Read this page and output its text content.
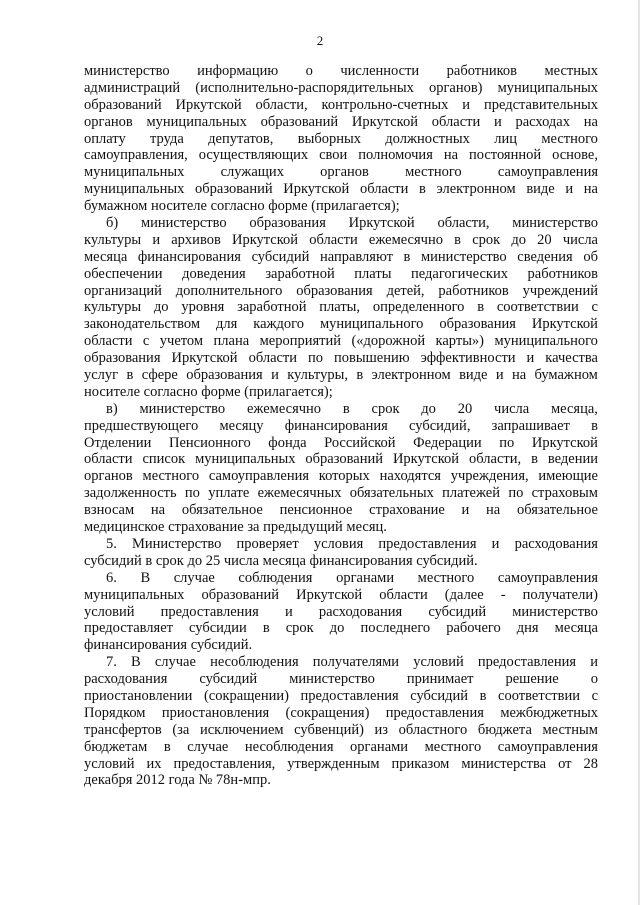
2
министерство информацию о численности работников местных
администраций (исполнительно-распорядительных органов) муниципальных
образований Иркутской области, контрольно-счетных и представительных
органов муниципальных образований Иркутской области и расходах на
оплату труда депутатов, выборных должностных лиц местного
самоуправления, осуществляющих свои полномочия на постоянной основе,
муниципальных служащих органов местного самоуправления
муниципальных образований Иркутской области в электронном виде и на
бумажном носителе согласно форме (прилагается);
б) министерство образования Иркутской области, министерство
культуры и архивов Иркутской области ежемесячно в срок до 20 числа
месяца финансирования субсидий направляют в министерство сведения об
обеспечении доведения заработной платы педагогических работников
организаций дополнительного образования детей, работников учреждений
культуры до уровня заработной платы, определенного в соответствии с
законодательством для каждого муниципального образования Иркутской
области с учетом плана мероприятий («дорожной карты») муниципального
образования Иркутской области по повышению эффективности и качества
услуг в сфере образования и культуры, в электронном виде и на бумажном
носителе согласно форме (прилагается);
в) министерство ежемесячно в срок до 20 числа месяца,
предшествующего месяцу финансирования субсидий, запрашивает в
Отделении Пенсионного фонда Российской Федерации по Иркутской
области список муниципальных образований Иркутской области, в ведении
органов местного самоуправления которых находятся учреждения, имеющие
задолженность по уплате ежемесячных обязательных платежей по страховым
взносам на обязательное пенсионное страхование и на обязательное
медицинское страхование за предыдущий месяц.
5. Министерство проверяет условия предоставления и расходования
субсидий в срок до 25 числа месяца финансирования субсидий.
6. В случае соблюдения органами местного самоуправления
муниципальных образований Иркутской области (далее - получатели)
условий предоставления и расходования субсидий министерство
предоставляет субсидии в срок до последнего рабочего дня месяца
финансирования субсидий.
7. В случае несоблюдения получателями условий предоставления и
расходования субсидий министерство принимает решение о
приостановлении (сокращении) предоставления субсидий в соответствии с
Порядком приостановления (сокращения) предоставления межбюджетных
трансфертов (за исключением субвенций) из областного бюджета местным
бюджетам в случае несоблюдения органами местного самоуправления
условий их предоставления, утвержденным приказом министерства от 28
декабря 2012 года № 78н-мпр.
